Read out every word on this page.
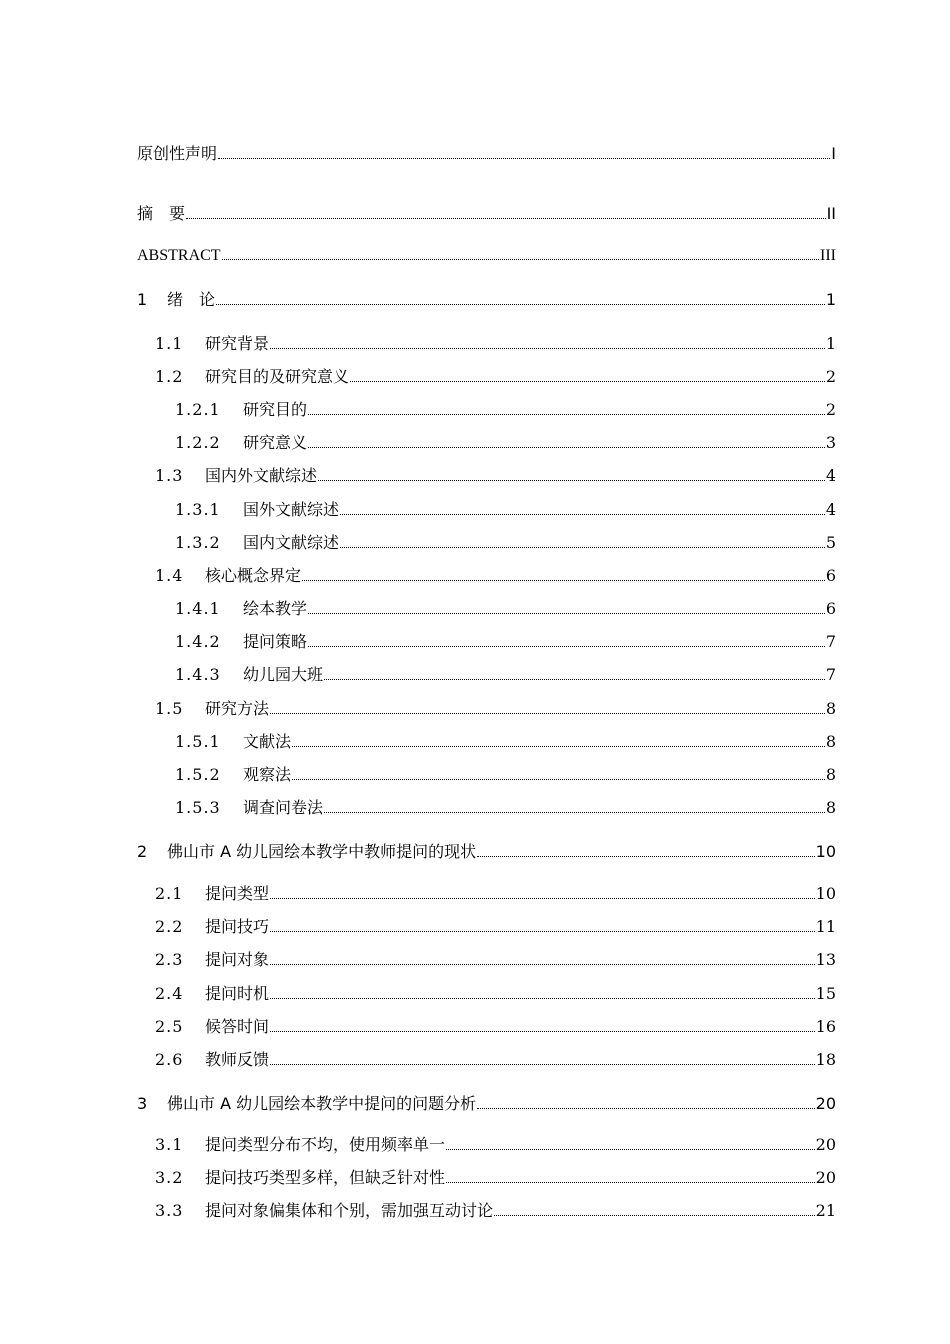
原创性声明	I
摘　要	II
ABSTRACT	III
1	绪　论	1
1.1	研究背景	1
1.2	研究目的及研究意义	2
1.2.1	研究目的	2
1.2.2	研究意义	3
1.3	国内外文献综述	4
1.3.1	国外文献综述	4
1.3.2	国内文献综述	5
1.4	核心概念界定	6
1.4.1	绘本教学	6
1.4.2	提问策略	7
1.4.3	幼儿园大班	7
1.5	研究方法	8
1.5.1	文献法	8
1.5.2	观察法	8
1.5.3	调查问卷法	8
2	佛山市 A 幼儿园绘本教学中教师提问的现状	10
2.1	提问类型	10
2.2	提问技巧	11
2.3	提问对象	13
2.4	提问时机	15
2.5	候答时间	16
2.6	教师反馈	18
3	佛山市 A 幼儿园绘本教学中提问的问题分析	20
3.1	提问类型分布不均，使用频率单一	20
3.2	提问技巧类型多样，但缺乏针对性	20
3.3	提问对象偏集体和个别，需加强互动讨论	21
